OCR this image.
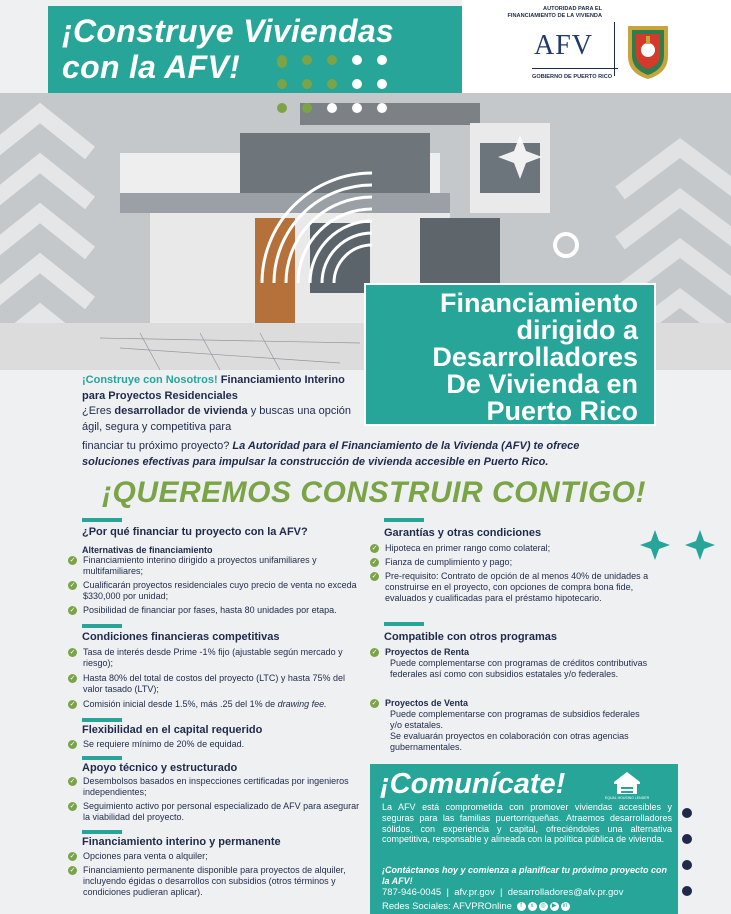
¡Construye Viviendas
con la AFV!
AUTORIDAD PARA EL
FINANCIAMIENTO DE LA VIVIENDA
AFV
GOBIERNO DE PUERTO RICO
Financiamiento
dirigido a
Desarrolladores
De Vivienda en
Puerto Rico
¡Construye con Nosotros! Financiamiento Interino para Proyectos Residenciales
¿Eres desarrollador de vivienda y buscas una opción ágil, segura y competitiva para
financiar tu próximo proyecto? La Autoridad para el Financiamiento de la Vivienda (AFV) te ofrece
soluciones efectivas para impulsar la construcción de vivienda accesible en Puerto Rico.
¡QUEREMOS CONSTRUIR CONTIGO!
¿Por qué financiar tu proyecto con la AFV?
Alternativas de financiamiento
✓ Financiamiento interino dirigido a proyectos unifamiliares y multifamiliares;
✓ Cualificarán proyectos residenciales cuyo precio de venta no exceda $330,000 por unidad;
✓ Posibilidad de financiar por fases, hasta 80 unidades por etapa.
Condiciones financieras competitivas
✓ Tasa de interés desde Prime -1% fijo (ajustable según mercado y riesgo);
✓ Hasta 80% del total de costos del proyecto (LTC) y hasta 75% del valor tasado (LTV);
✓ Comisión inicial desde 1.5%, más .25 del 1% de drawing fee.
Flexibilidad en el capital requerido
✓ Se requiere mínimo de 20% de equidad.
Apoyo técnico y estructurado
✓ Desembolsos basados en inspecciones certificadas por ingenieros independientes;
✓ Seguimiento activo por personal especializado de AFV para asegurar la viabilidad del proyecto.
Financiamiento interino y permanente
✓ Opciones para venta o alquiler;
✓ Financiamiento permanente disponible para proyectos de alquiler, incluyendo égidas o desarrollos con subsidios (otros términos y condiciones pudieran aplicar).
Garantías y otras condiciones
✓ Hipoteca en primer rango como colateral;
✓ Fianza de cumplimiento y pago;
✓ Pre-requisito: Contrato de opción de al menos 40% de unidades a construirse en el proyecto, con opciones de compra bona fide, evaluados y cualificadas para el préstamo hipotecario.
Compatible con otros programas
✓ Proyectos de Renta
Puede complementarse con programas de créditos contributivas federales así como con subsidios estatales y/o federales.
✓ Proyectos de Venta
Puede complementarse con programas de subsidios federales y/o estatales.
Se evaluarán proyectos en colaboración con otras agencias gubernamentales.
¡Comunícate!	EQUAL HOUSING LENDER
La AFV está comprometida con promover viviendas accesibles y seguras para las familias puertorriqueñas. Atraemos desarrolladores sólidos, con experiencia y capital, ofreciéndoles una alternativa competitiva, responsable y alineada con la política pública de vivienda.
¡Contáctanos hoy y comienza a planificar tu próximo proyecto con la AFV!
787-946-0045 | afv.pr.gov | desarrolladores@afv.pr.gov
Redes Sociales: AFVPROnline f x ◎ ▶ in
